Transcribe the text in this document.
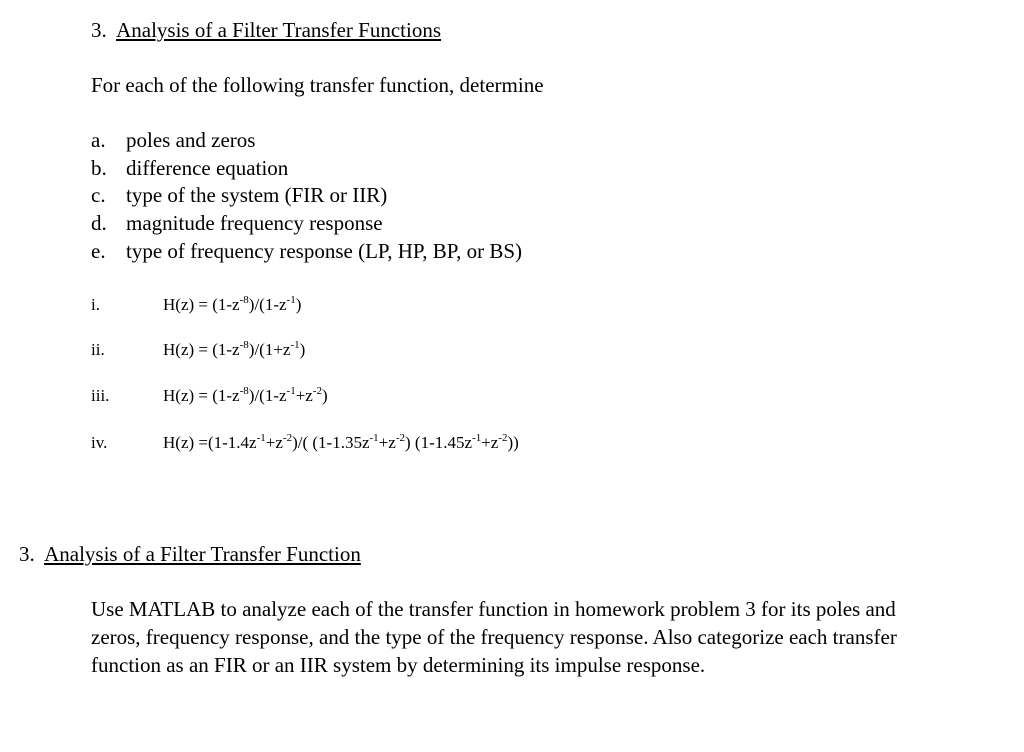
3. Analysis of a Filter Transfer Functions
For each of the following transfer function, determine
a. poles and zeros
b. difference equation
c. type of the system (FIR or IIR)
d. magnitude frequency response
e. type of frequency response (LP, HP, BP, or BS)
i.	$H(z) = (1-z^{-8})/(1-z^{-1})$
ii.	$H(z) = (1-z^{-8})/(1+z^{-1})$
iii.	$H(z) = (1-z^{-8})/(1-z^{-1}+z^{-2})$
iv.	$H(z) =(1-1.4z^{-1}+z^{-2})/$( $(1-1.35z^{-1}+z^{-2})$ $(1-1.45z^{-1}+z^{-2})$)
3. Analysis of a Filter Transfer Function
Use MATLAB to analyze each of the transfer function in homework problem 3 for its poles and zeros, frequency response, and the type of the frequency response. Also categorize each transfer function as an FIR or an IIR system by determining its impulse response.
